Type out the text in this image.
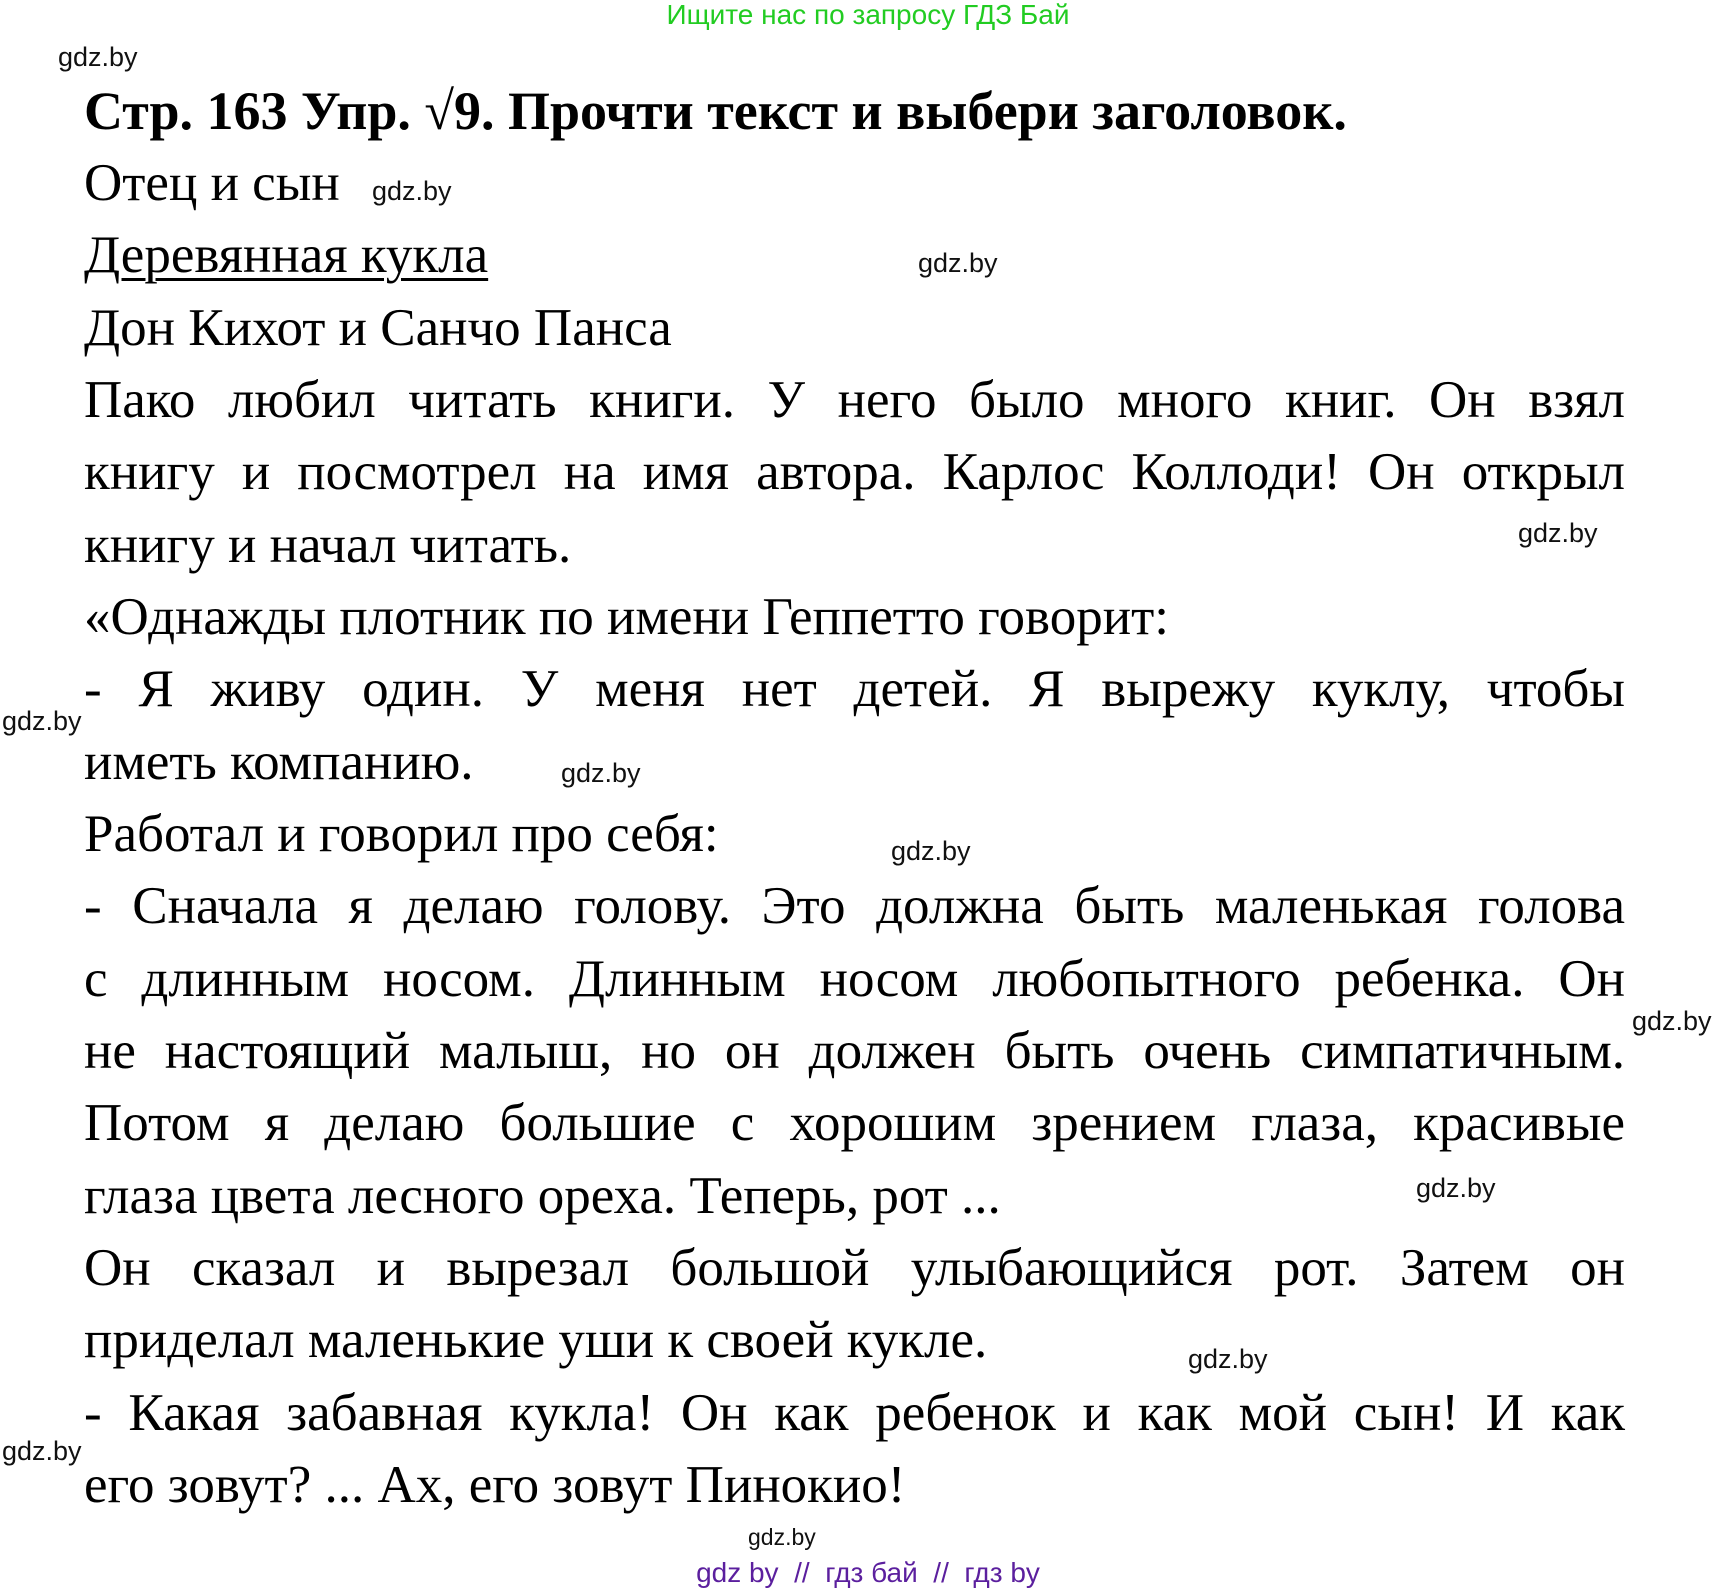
Ищите нас по запросу ГДЗ Бай
Стр. 163 Упр. √9. Прочти текст и выбери заголовок.
Отец и сын
Деревянная кукла
Дон Кихот и Санчо Панса
Пако любил читать книги. У него было много книг. Он взял
книгу и посмотрел на имя автора. Карлос Коллоди! Он открыл
книгу и начал читать.
«Однажды плотник по имени Геппетто говорит:
- Я живу один. У меня нет детей. Я вырежу куклу, чтобы
иметь компанию.
Работал и говорил про себя:
- Сначала я делаю голову. Это должна быть маленькая голова
с длинным носом. Длинным носом любопытного ребенка. Он
не настоящий малыш, но он должен быть очень симпатичным.
Потом я делаю большие с хорошим зрением глаза, красивые
глаза цвета лесного ореха. Теперь, рот ...
Он сказал и вырезал большой улыбающийся рот. Затем он
приделал маленькие уши к своей кукле.
- Какая забавная кукла! Он как ребенок и как мой сын! И как
его зовут? ... Ах, его зовут Пинокио!
gdz.by
gdz.by
gdz.by
gdz.by
gdz.by
gdz.by
gdz.by
gdz.by
gdz.by
gdz.by
gdz.by
gdz.by
gdz by  //  гдз бай  //  гдз by
